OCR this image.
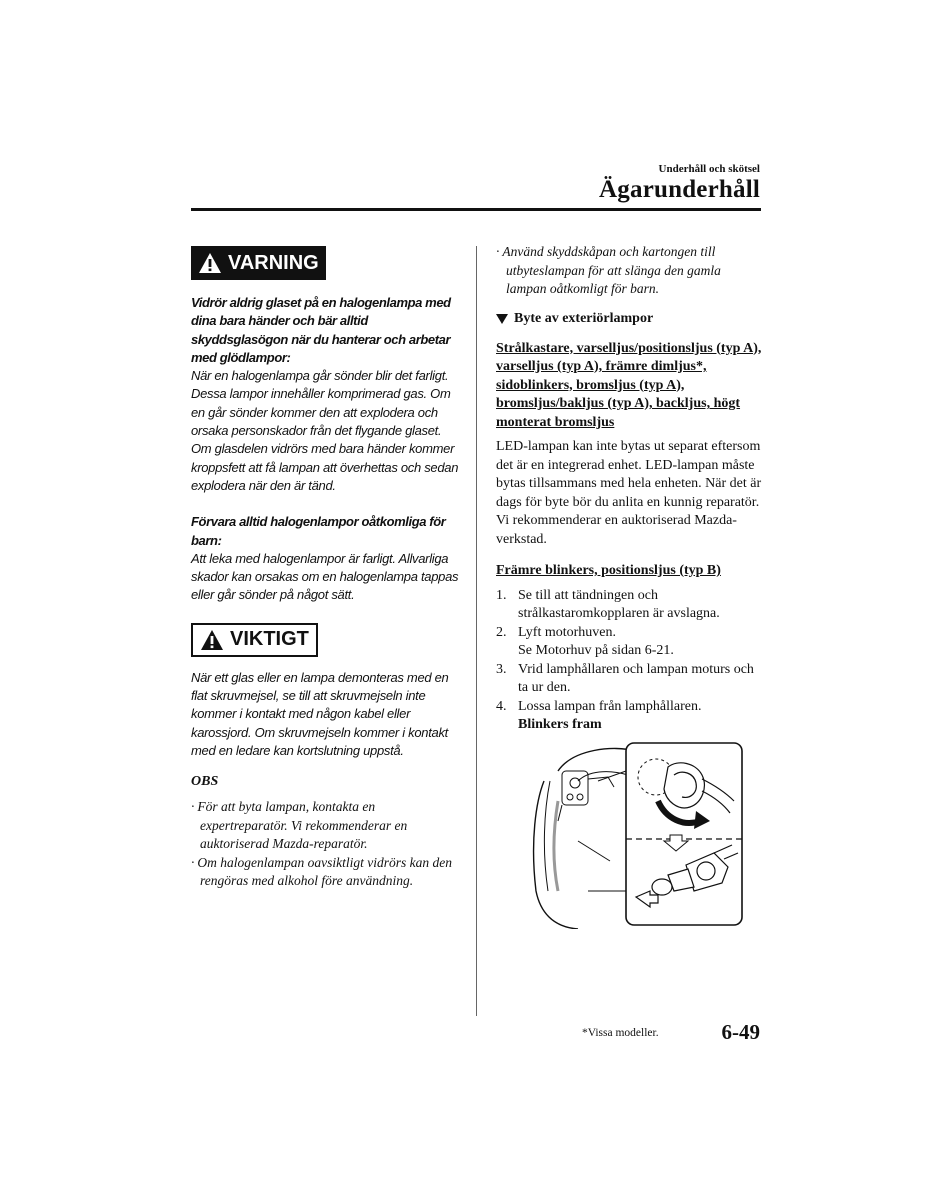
Underhåll och skötsel
Ägarunderhåll
VARNING

Vidrör aldrig glaset på en halogenlampa med dina bara händer och bär alltid skyddsglasögon när du hanterar och arbetar med glödlampor:

När en halogenlampa går sönder blir det farligt. Dessa lampor innehåller komprimerad gas. Om en går sönder kommer den att explodera och orsaka personskador från det flygande glaset. Om glasdelen vidrörs med bara händer kommer kroppsfett att få lampan att överhettas och sedan explodera när den är tänd.

Förvara alltid halogenlampor oåtkomliga för barn:

Att leka med halogenlampor är farligt. Allvarliga skador kan orsakas om en halogenlampa tappas eller går sönder på något sätt.

VIKTIGT

När ett glas eller en lampa demonteras med en flat skruvmejsel, se till att skruvmejseln inte kommer i kontakt med någon kabel eller karossjord. Om skruvmejseln kommer i kontakt med en ledare kan kortslutning uppstå.

OBS

· För att byta lampan, kontakta en expertreparatör. Vi rekommenderar en auktoriserad Mazda-reparatör.
· Om halogenlampan oavsiktligt vidrörs kan den rengöras med alkohol före användning.
· Använd skyddskåpan och kartongen till utbyteslampan för att slänga den gamla lampan oåtkomligt för barn.
Byte av exteriörlampor

Strålkastare, varselljus/positionsljus (typ A), varselljus (typ A), främre dimljus*, sidoblinkers, bromsljus (typ A), bromsljus/bakljus (typ A), backljus, högt monterat bromsljus

LED-lampan kan inte bytas ut separat eftersom det är en integrerad enhet. LED-lampan måste bytas tillsammans med hela enheten. När det är dags för byte bör du anlita en kunnig reparatör. Vi rekommenderar en auktoriserad Mazda-verkstad.

Främre blinkers, positionsljus (typ B)

1. Se till att tändningen och strålkastaromkopplaren är avslagna.
2. Lyft motorhuven.
Se Motorhuv på sidan 6-21.
3. Vrid lamphållaren och lampan moturs och ta ur den.
4. Lossa lampan från lamphållaren.
Blinkers fram
*Vissa modeller.	6-49
